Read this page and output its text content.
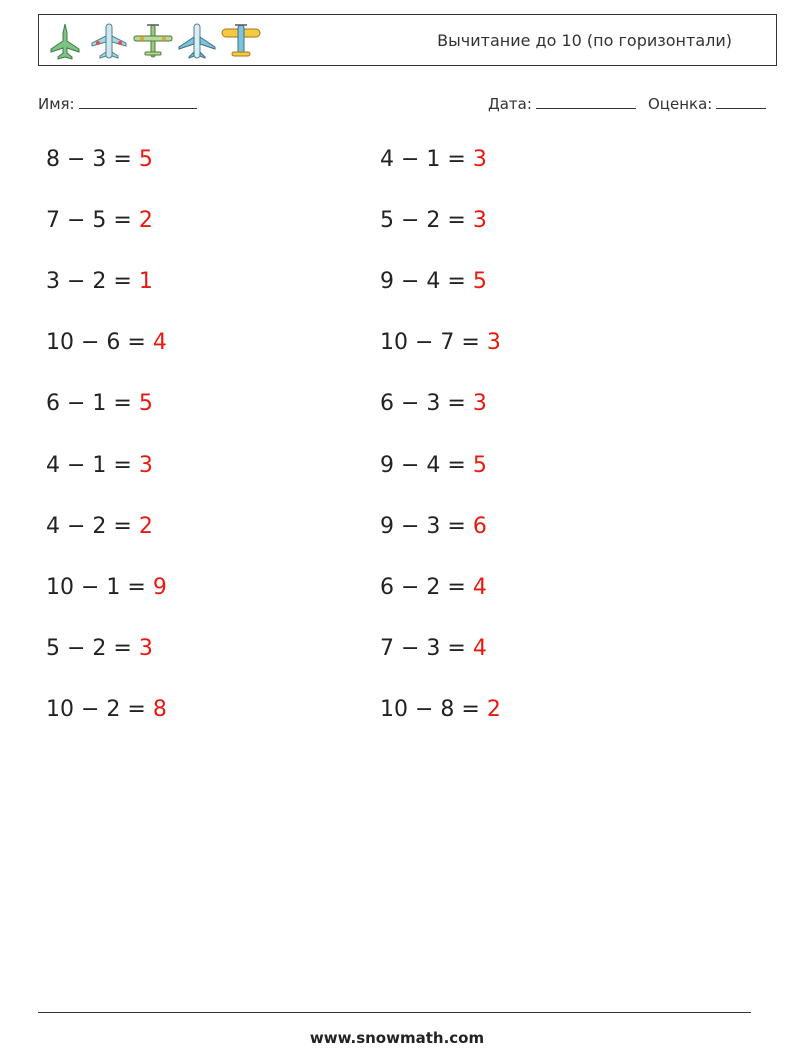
Вычитание до 10 (по горизонтали)
Имя:	Дата:	Оценка:
8 − 3 = 5
7 − 5 = 2
3 − 2 = 1
10 − 6 = 4
6 − 1 = 5
4 − 1 = 3
4 − 2 = 2
10 − 1 = 9
5 − 2 = 3
10 − 2 = 8
4 − 1 = 3
5 − 2 = 3
9 − 4 = 5
10 − 7 = 3
6 − 3 = 3
9 − 4 = 5
9 − 3 = 6
6 − 2 = 4
7 − 3 = 4
10 − 8 = 2
www.snowmath.com
